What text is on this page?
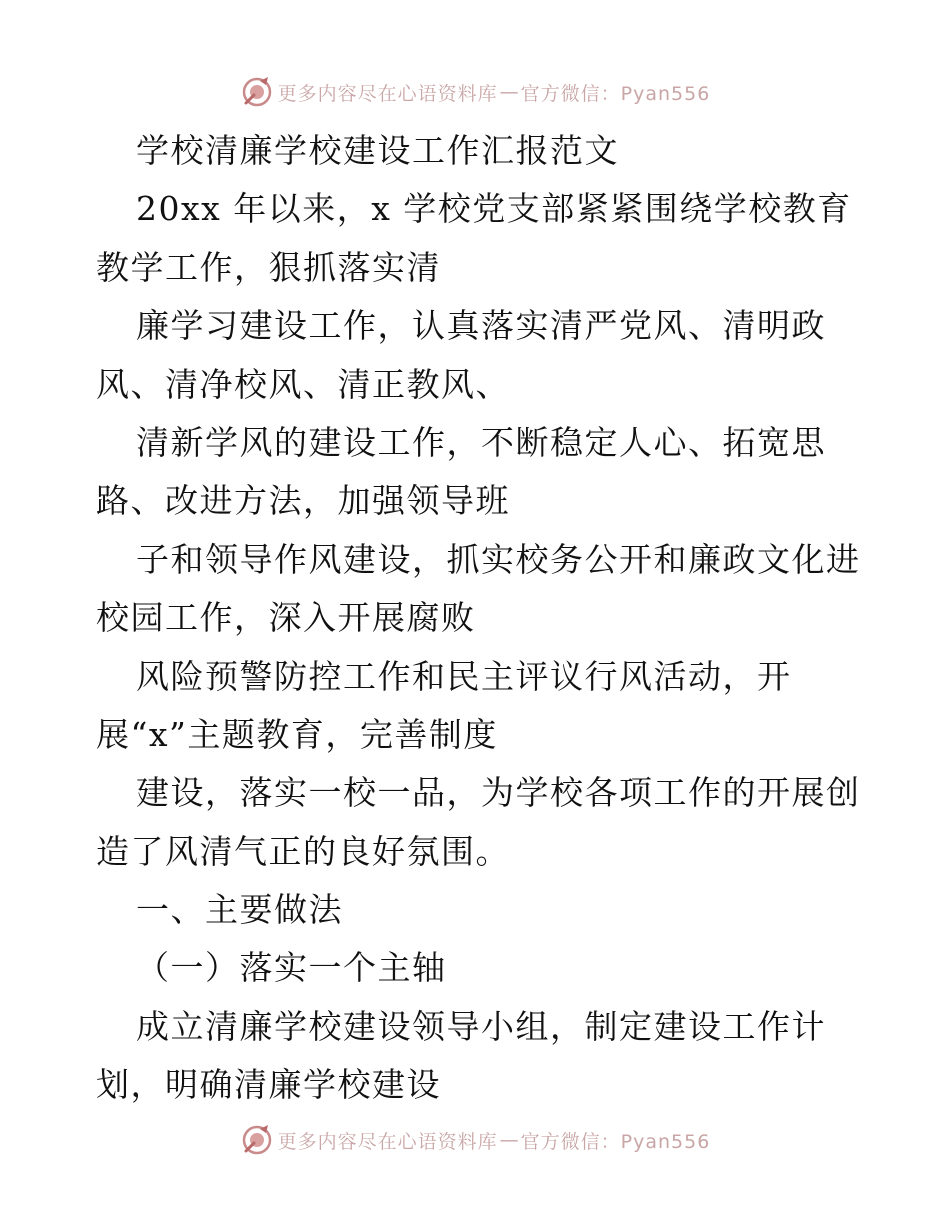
更多内容尽在心语资料库 — 官方微信：Pyan556
学校清廉学校建设工作汇报范文
20xx 年以来，x 学校党支部紧紧围绕学校教育
教学工作，狠抓落实清
廉学习建设工作，认真落实清严党风、清明政
风、清净校风、清正教风、
清新学风的建设工作，不断稳定人心、拓宽思
路、改进方法，加强领导班
子和领导作风建设，抓实校务公开和廉政文化进
校园工作，深入开展腐败
风险预警防控工作和民主评议行风活动，开
展“x”主题教育，完善制度
建设，落实一校一品，为学校各项工作的开展创
造了风清气正的良好氛围。
一、主要做法
（一）落实一个主轴
成立清廉学校建设领导小组，制定建设工作计
划，明确清廉学校建设
更多内容尽在心语资料库 — 官方微信：Pyan556
